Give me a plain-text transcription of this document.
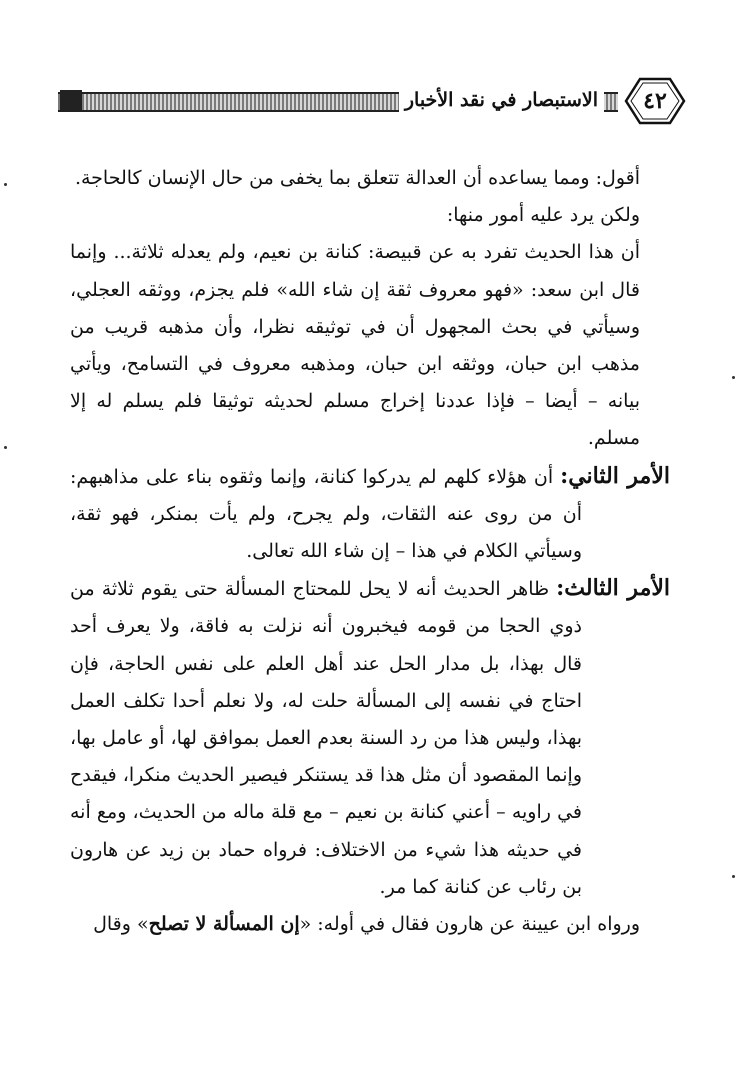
الاستبصار في نقد الأخبار	٤٢

أقول: ومما يساعده أن العدالة تتعلق بما يخفى من حال الإنسان كالحاجة.

ولكن يرد عليه أمور منها:

أن هذا الحديث تفرد به عن قبيصة: كنانة بن نعيم، ولم يعدله ثلاثة... وإنما قال ابن سعد: «فهو معروف ثقة إن شاء الله» فلم يجزم، ووثقه العجلي، وسيأتي في بحث المجهول أن في توثيقه نظرا، وأن مذهبه قريب من مذهب ابن حبان، ووثقه ابن حبان، ومذهبه معروف في التسامح، ويأتي بيانه – أيضا – فإذا عددنا إخراج مسلم لحديثه توثيقا فلم يسلم له إلا مسلم.

الأمر الثاني: أن هؤلاء كلهم لم يدركوا كنانة، وإنما وثقوه بناء على مذاهبهم: أن من روى عنه الثقات، ولم يجرح، ولم يأت بمنكر، فهو ثقة، وسيأتي الكلام في هذا – إن شاء الله تعالى.

الأمر الثالث: ظاهر الحديث أنه لا يحل للمحتاج المسألة حتى يقوم ثلاثة من ذوي الحجا من قومه فيخبرون أنه نزلت به فاقة، ولا يعرف أحد قال بهذا، بل مدار الحل عند أهل العلم على نفس الحاجة، فإن احتاج في نفسه إلى المسألة حلت له، ولا نعلم أحدا تكلف العمل بهذا، وليس هذا من رد السنة بعدم العمل بموافق لها، أو عامل بها، وإنما المقصود أن مثل هذا قد يستنكر فيصير الحديث منكرا، فيقدح في راويه – أعني كنانة بن نعيم – مع قلة ماله من الحديث، ومع أنه في حديثه هذا شيء من الاختلاف: فرواه حماد بن زيد عن هارون بن رئاب عن كنانة كما مر.

ورواه ابن عيينة عن هارون فقال في أوله: «إن المسألة لا تصلح» وقال
